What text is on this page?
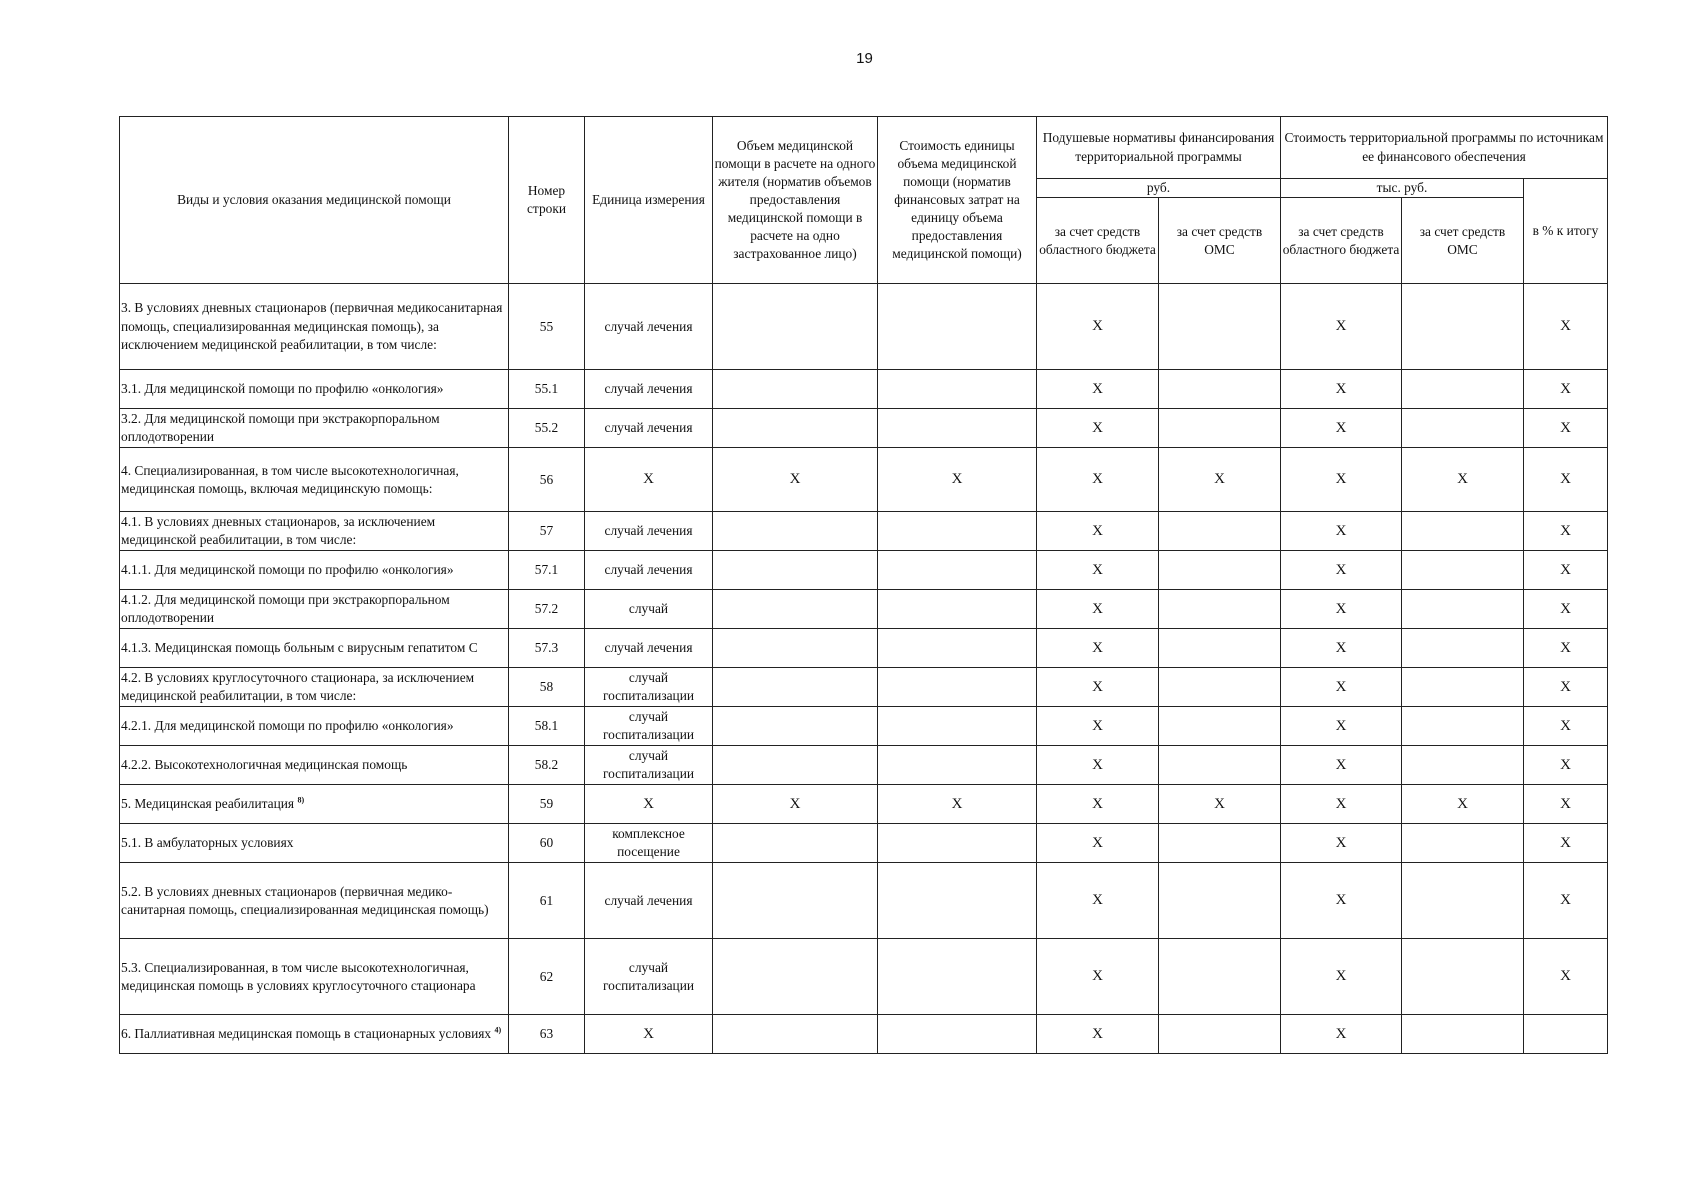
19
Виды и условия оказания медицинской помощи	Номер строки	Единица измерения	Объем медицинской помощи в расчете на одного жителя (норматив объемов предоставления медицинской помощи в расчете на одно застрахованное лицо)	Стоимость единицы объема медицинской помощи (норматив финансовых затрат на единицу объема предоставления медицинской помощи)	Подушевые нормативы финансирования территориальной программы		Стоимость территориальной программы по источникам ее финансового обеспечения		
					руб.		тыс. руб.		в % к итогу
					за счет средств областного бюджета	за счет средств ОМС	за счет средств областного бюджета	за счет средств ОМС	
3. В условиях дневных стационаров (первичная медикосанитарная помощь, специализированная медицинская помощь), за исключением медицинской реабилитации, в том числе:	55	случай лечения			X		X		X
3.1. Для медицинской помощи по профилю «онкология»	55.1	случай лечения			X		X		X
3.2. Для медицинской помощи при экстракорпоральном оплодотворении	55.2	случай лечения			X		X		X
4. Специализированная, в том числе высокотехнологичная, медицинская помощь, включая медицинскую помощь:	56	X	X	X	X	X	X	X	X
4.1. В условиях дневных стационаров, за исключением медицинской реабилитации, в том числе:	57	случай лечения			X		X		X
4.1.1. Для медицинской помощи по профилю «онкология»	57.1	случай лечения			X		X		X
4.1.2. Для медицинской помощи при экстракорпоральном оплодотворении	57.2	случай			X		X		X
4.1.3. Медицинская помощь больным с вирусным гепатитом С	57.3	случай лечения			X		X		X
4.2. В условиях круглосуточного стационара, за исключением медицинской реабилитации, в том числе:	58	случай госпитализации			X		X		X
4.2.1. Для медицинской помощи по профилю «онкология»	58.1	случай госпитализации			X		X		X
4.2.2. Высокотехнологичная медицинская помощь	58.2	случай госпитализации			X		X		X
5. Медицинская реабилитация $^{8)}$	59	X	X	X	X	X	X	X	X
5.1. В амбулаторных условиях	60	комплексное посещение			X		X		X
5.2. В условиях дневных стационаров (первичная медико-санитарная помощь, специализированная медицинская помощь)	61	случай лечения			X		X		X
5.3. Специализированная, в том числе высокотехнологичная, медицинская помощь в условиях круглосуточного стационара	62	случай госпитализации			X		X		X
6. Паллиативная медицинская помощь в стационарных условиях $^{4)}$	63	X			X		X		
